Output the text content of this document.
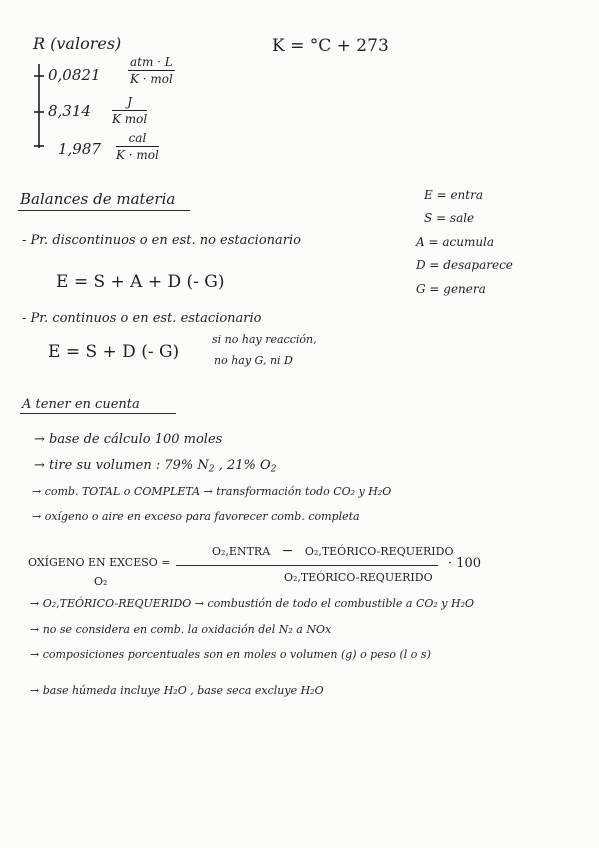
R (valores)
0,0821
atm · L
K · mol
8,314	J
K mol
1,987
cal
K · mol
K = °C + 273
Balances de materia	E = entra
S = sale
A = acumula
D = desaparece
G = genera
- Pr. discontinuos o en est. no estacionario
E = S + A + D (- G)
- Pr. continuos o en est. estacionario
E = S + D (- G)
si no hay reacción,
no hay G, ni D
A tener en cuenta
→ base de cálculo 100 moles
→ tire su volumen : 79% $N_2$ , 21% $O_2$
→ comb. TOTAL o COMPLETA → transformación todo CO₂ y H₂O
→ oxígeno o aire en exceso para favorecer comb. completa
OXÍGENO EN EXCESO =
O₂
O₂,ENTRA − O₂,TEÓRICO-REQUERIDO
O₂,TEÓRICO-REQUERIDO
· 100
→ O₂,TEÓRICO-REQUERIDO → combustión de todo el combustible a CO₂ y H₂O
→ no se considera en comb. la oxidación del N₂ a NOx
→ composiciones porcentuales son en moles o volumen (g) o peso (l o s)
→ base húmeda incluye H₂O , base seca excluye H₂O
